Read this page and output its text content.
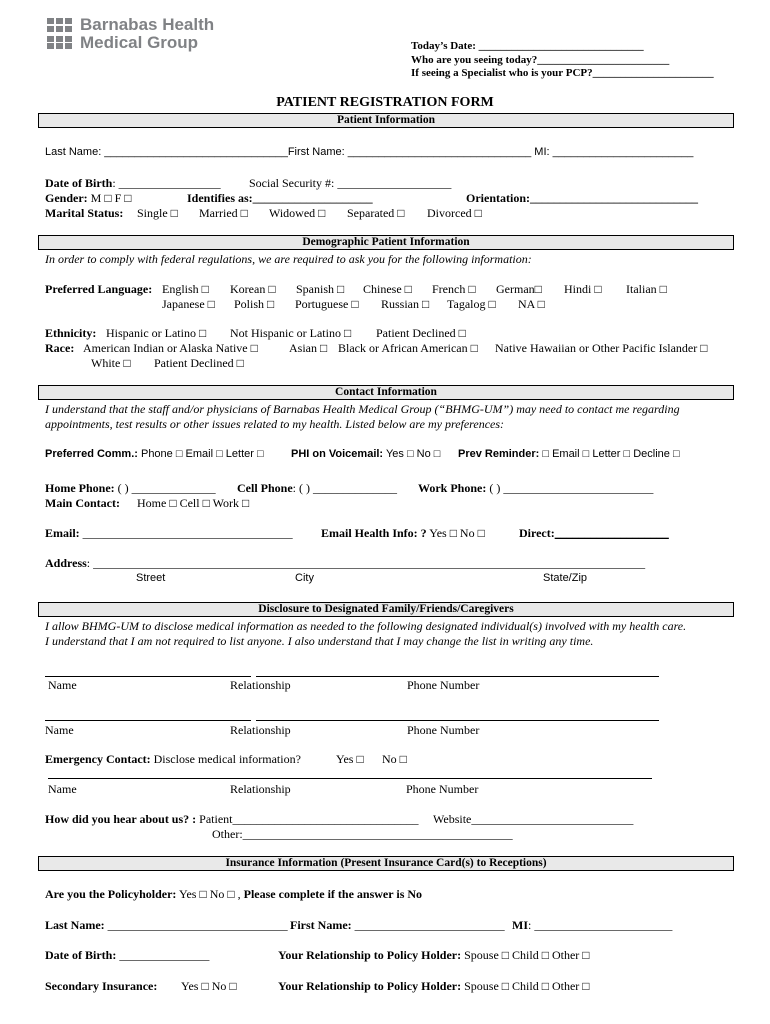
Barnabas Health
Medical Group	Today’s Date: ______________________________
Who are you seeing today?________________________
If seeing a Specialist who is your PCP?______________________
PATIENT REGISTRATION FORM
Patient Information
Last Name: ______________________________First Name: ______________________________ MI: _______________________
Date of Birth: _________________ Social Security #: ___________________
Gender: M □ F □	Identifies as:____________________	Orientation:____________________________
Marital Status: Single □ Married □ Widowed □ Separated □ Divorced □
Demographic Patient Information
In order to comply with federal regulations, we are required to ask you for the following information:
Preferred Language: English □ Korean □ Spanish □ Chinese □ French □ German□ Hindi □ Italian □
Japanese □ Polish □ Portuguese □ Russian □ Tagalog □ NA □
Ethnicity: Hispanic or Latino □ Not Hispanic or Latino □ Patient Declined □
Race: American Indian or Alaska Native □	Asian □ Black or African American □ Native Hawaiian or Other Pacific Islander □
White □ Patient Declined □
Contact Information
I understand that the staff and/or physicians of Barnabas Health Medical Group (“BHMG-UM”) may need to contact me regarding
appointments, test results or other issues related to my health. Listed below are my preferences:
Preferred Comm.: Phone □ Email □ Letter □ PHI on Voicemail: Yes □ No □ Prev Reminder: □ Email □ Letter □ Decline □
Home Phone: ( ) ______________ Cell Phone: ( ) ______________ Work Phone: ( ) _________________________
Main Contact: Home □ Cell □ Work □
Email: ___________________________________ Email Health Info: ? Yes □ No □	Direct:___________________
Address: ____________________________________________________________________________________________
Street	City	State/Zip
Disclosure to Designated Family/Friends/Caregivers
I allow BHMG-UM to disclose medical information as needed to the following designated individual(s) involved with my health care.
I understand that I am not required to list anyone. I also understand that I may change the list in writing any time.
Name	Relationship	Phone Number
Name	Relationship	Phone Number
Emergency Contact: Disclose medical information?	Yes □ No □
Name	Relationship	Phone Number
How did you hear about us? : Patient_______________________________ Website___________________________
Other:_____________________________________________
Insurance Information (Present Insurance Card(s) to Receptions)
Are you the Policyholder: Yes □ No □ , Please complete if the answer is No
Last Name: ______________________________ First Name: _________________________ MI: _______________________
Date of Birth: _______________	Your Relationship to Policy Holder: Spouse □ Child □ Other □
Secondary Insurance: Yes □ No □	Your Relationship to Policy Holder: Spouse □ Child □ Other □
